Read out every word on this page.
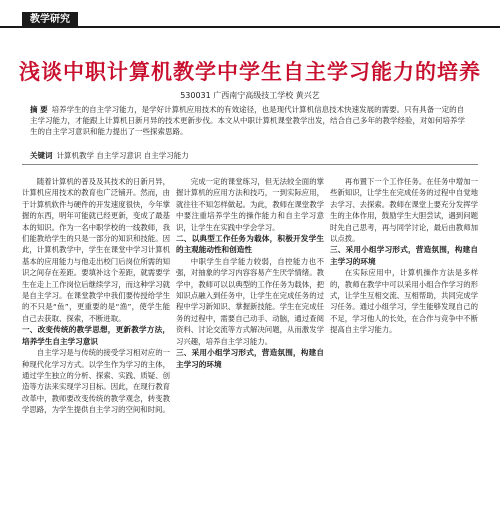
教学研究
浅谈中职计算机教学中学生自主学习能力的培养
530031 广西南宁高级技工学校 黄兴艺
摘 要 培养学生的自主学习能力，是学好计算机应用技术的有效途径，也是现代计算机信息技术快速发展的需要。只有具备一定的自主学习能力，才能跟上计算机日新月异的技术更新步伐。本文从中职计算机课堂教学出发，结合自己多年的教学经验，对如何培养学生的自主学习意识和能力提出了一些探索思路。
关键词 计算机教学 自主学习意识 自主学习能力

随着计算机的普及及其技术的日新月异，计算机应用技术的教育也广泛铺开。然而，由于计算机软件与硬件的开发速度很快，今年掌握的东西，明年可能就已经更新，变成了最基本的知识。作为一名中职学校的一线教师，我们能教给学生的只是一部分的知识和技能。因此，计算机教学中，学生在课堂中学习计算机基本的应用能力与他走出校门后岗位所需的知识之间存在差距。要填补这个差距，就需要学生在走上工作岗位后继续学习，而这种学习就是自主学习。在课堂教学中我们要传授给学生的不只是“鱼”，更重要的是“渔”，使学生能自己去获取、探索，不断进取。

一、改变传统的教学思想，更新教学方法，培养学生自主学习意识

自主学习是与传统的接受学习相对应的一种现代化学习方式。以学生作为学习的主体，通过学生独立的分析、探索、实践、质疑、创造等方法来实现学习目标。因此，在现行教育改革中，教师要改变传统的教学观念，转变教学思路，为学生提供自主学习的空间和时间。

完成一定的课堂练习，但无法较全面的掌握计算机的应用方法和技巧，一到实际应用，就往往不知怎样做起。为此，教师在课堂教学中要注重培养学生的操作能力和自主学习意识，让学生在实践中学会学习。

二、以典型工作任务为载体，积极开发学生的主观能动性和创造性

中职学生自学能力较弱，自控能力也不强，对抽象的学习内容容易产生厌学情绪。教学中，教师可以以典型的工作任务为载体，把知识点融入到任务中，让学生在完成任务的过程中学习新知识、掌握新技能。学生在完成任务的过程中，需要自己动手、动脑，通过查阅资料、讨论交流等方式解决问题，从而激发学习兴趣，培养自主学习能力。

三、采用小组学习形式，营造氛围，构建自主学习的环境

再布置下一个工作任务。在任务中增加一些新知识，让学生在完成任务的过程中自觉地去学习、去探索。教师在课堂上要充分发挥学生的主体作用，鼓励学生大胆尝试，遇到问题时先自己思考，再与同学讨论，最后由教师加以点拨。

三、采用小组学习形式，营造氛围，构建自主学习的环境

在实际应用中，计算机操作方法是多样的，教师在教学中可以采用小组合作学习的形式，让学生互相交流、互相帮助，共同完成学习任务。通过小组学习，学生能够发现自己的不足，学习他人的长处，在合作与竞争中不断提高自主学习能力。
